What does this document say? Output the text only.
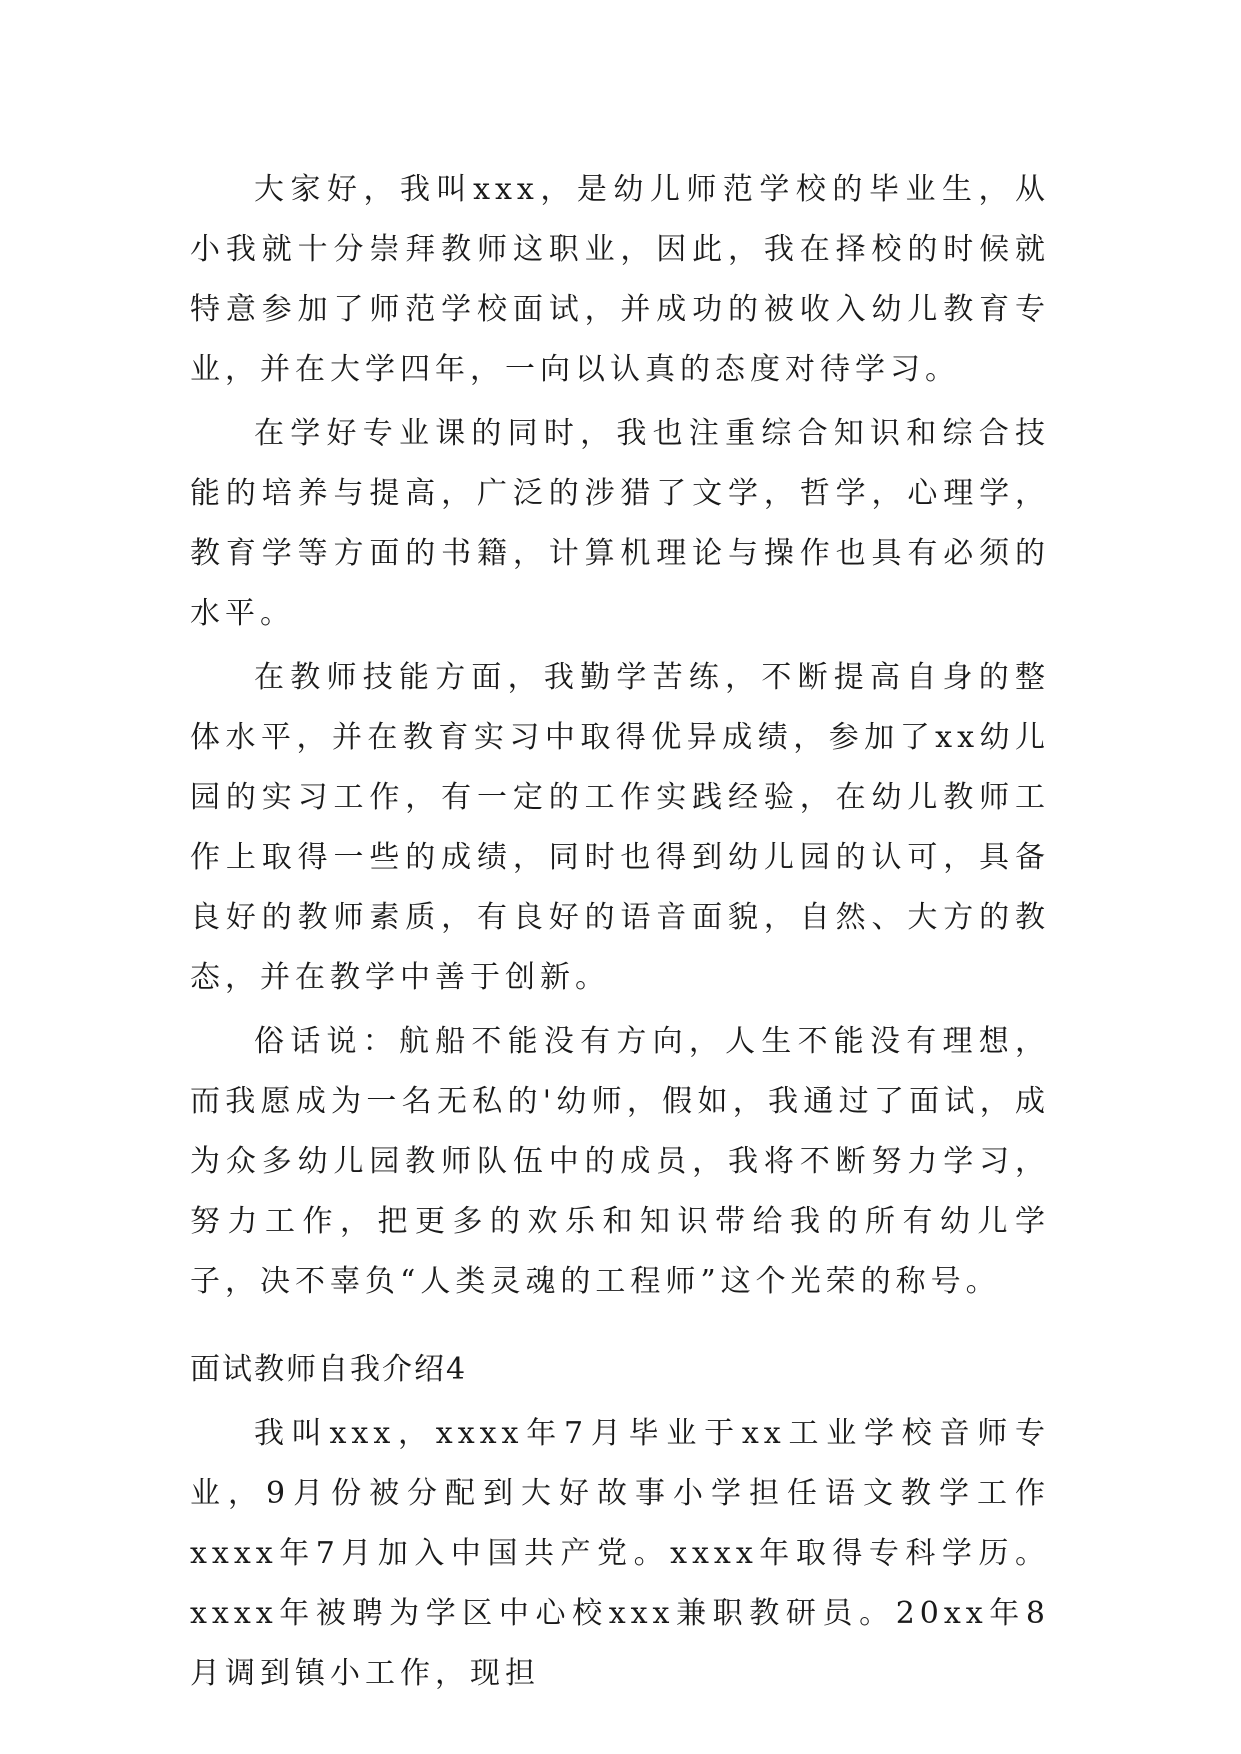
大家好，我叫xxx，是幼儿师范学校的毕业生，从小我就十分崇拜教师这职业，因此，我在择校的时候就特意参加了师范学校面试，并成功的被收入幼儿教育专业，并在大学四年，一向以认真的态度对待学习。

在学好专业课的同时，我也注重综合知识和综合技能的培养与提高，广泛的涉猎了文学，哲学，心理学，教育学等方面的书籍，计算机理论与操作也具有必须的水平。

在教师技能方面，我勤学苦练，不断提高自身的整体水平，并在教育实习中取得优异成绩，参加了xx幼儿园的实习工作，有一定的工作实践经验，在幼儿教师工作上取得一些的成绩，同时也得到幼儿园的认可，具备良好的教师素质，有良好的语音面貌，自然、大方的教态，并在教学中善于创新。

俗话说：航船不能没有方向，人生不能没有理想，而我愿成为一名无私的'幼师，假如，我通过了面试，成为众多幼儿园教师队伍中的成员，我将不断努力学习，努力工作，把更多的欢乐和知识带给我的所有幼儿学子，决不辜负“人类灵魂的工程师”这个光荣的称号。

面试教师自我介绍4

我叫xxx，xxxx年7月毕业于xx工业学校音师专业，9月份被分配到大好故事小学担任语文教学工作xxxx年7月加入中国共产党。xxxx年取得专科学历。xxxx年被聘为学区中心校xxx兼职教研员。20xx年8月调到镇小工作，现担
